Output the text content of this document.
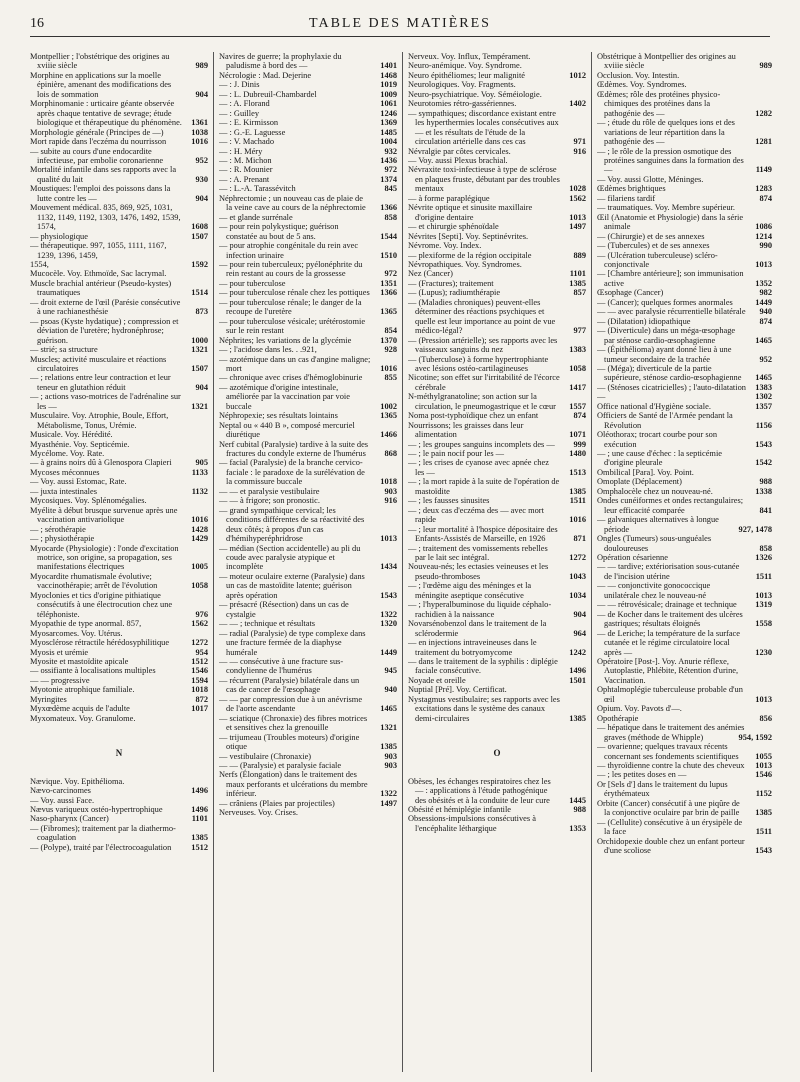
16	TABLE DES MATIÈRES

Montpellier ; l'obstétrique des origines au xviiie siècle	989

Morphine en applications sur la moelle épinière, amenant des modifications des lois de sommation	904

Morphinomanie : urticaire géante observée après chaque tentative de sevrage; étude biologique et thérapeutique du phénomène. 1361

Morphologie générale (Principes de —)	1038

Mort rapide dans l'eczéma du nourrisson	1016

— subite au cours d'une endocardite infectieuse, par embolie coronarienne	952

Mortalité infantile dans ses rapports avec la qualité du lait	930

Moustiques: l'emploi des poissons dans la lutte contre les —	904

Mouvement médical. 835, 869, 925, 1031, 1132, 1149, 1192, 1303, 1476, 1492, 1539, 1574,	1608

— physiologique	1507

— thérapeutique. 997, 1055, 1111, 1167, 1239, 1396, 1459,

1554,	1592

Mucocèle. Voy. Ethmoïde, Sac lacrymal.

Muscle brachial antérieur (Pseudo-kystes) traumatiques	1514

— droit externe de l'œil (Parésie consécutive à une rachianesthésie	873

— psoas (Kyste hydatique) ; compression et déviation de l'uretère; hydronéphrose; guérison.	1000

— strié; sa structure	1321

Muscles; activité musculaire et réactions circulatoires	1507

— ; relations entre leur contraction et leur teneur en glutathion réduit	904

— ; actions vaso-motrices de l'adrénaline sur les —	1321

Musculaire. Voy. Atrophie, Boule, Effort, Métabolisme, Tonus, Urémie.

Musicale. Voy. Hérédité.

Myasthénie. Voy. Septicémie.

Mycélome. Voy. Rate.

— à grains noirs dû à Glenospora Clapieri	905

Mycoses méconnues	1133

— Voy. aussi Estomac, Rate.

— juxta intestinales	1132

Mycosiques. Voy. Splénomégalies.

Myélite à début brusque survenue après une vaccination antivariolique	1016

— ; sérothérapie	1428

— ; physiothérapie	1429

Myocarde (Physiologie) : l'onde d'excitation motrice, son origine, sa propagation, ses manifestations électriques	1005

Myocardite rhumatismale évolutive; vaccinothérapie; arrêt de l'évolution	1058

Myoclonies et tics d'origine pithiatique consécutifs à une électrocution chez une téléphoniste.	976

Myopathie de type anormal. 857,	1562

Myosarcomes. Voy. Utérus.

Myosclérose rétractile hérédosyphilitique	1272

Myosis et urémie	954

Myosite et mastoïdite apicale	1512

— ossifiante à localisations multiples	1546

— — progressive	1594

Myotonie atrophique familiale.	1018

Myringites	872

Myxœdème acquis de l'adulte	1017

Myxomateux. Voy. Granulome.

N

Nævique. Voy. Epithélioma.

Nævo-carcinomes	1496

— Voy. aussi Face.

Nævus variqueux ostéo-hypertrophique	1496

Naso-pharynx (Cancer)	1101

— (Fibromes); traitement par la diathermo-coagulation	1385

— (Polype), traité par l'électrocoagulation 1512

Navires de guerre; la prophylaxie du paludisme à bord des —	1401

Nécrologie : Mad. Dejerine	1468

— : J. Dinis	1019

— : L. Dubreuil-Chambardel	1009

— : A. Florand	1061

— : Guilley	1246

— : E. Kirmisson	1369

— : G.-E. Laguesse	1485

— : V. Machado	1004

— : H. Méry	932

— : M. Michon	1436

— : R. Mounier	972

— : A. Prenant	1374

— : L.-A. Tarassévitch	845

Néphrectomie ; un nouveau cas de plaie de la veine cave au cours de la néphrectomie 1366

— et glande surrénale	858

— pour rein polykystique; guérison constatée au bout de 5 ans.	1544

— pour atrophie congénitale du rein avec infection urinaire	1510

— pour rein tuberculeux; pyélonéphrite du rein restant au cours de la grossesse	972

— pour tuberculose	1351

— pour tuberculose rénale chez les pottiques 1366

— pour tuberculose rénale; le danger de la recoupe de l'uretère	1365

— pour tuberculose vésicale; urétérostomie sur le rein restant	854

Néphrites; les variations de la glycémie	1370

— ; l'acidose dans les. . .921,	928

— azotémique dans un cas d'angine maligne; mort	1016

— chronique avec crises d'hémoglobinurie	855

— azotémique d'origine intestinale, améliorée par la vaccination par voie buccale	1002

Néphropexie; ses résultats lointains	1365

Neptal ou « 440 B », composé mercuriel diurétique	1466

Nerf cubital (Paralysie) tardive à la suite des fractures du condyle externe de l'humérus 868

— facial (Paralysie) de la branche cervico-faciale : le paradoxe de la surélévation de la commissure buccale	1018

— — et paralysie vestibulaire	903

— — à frigore; son pronostic.	916

— grand sympathique cervical; les conditions différentes de sa réactivité des deux côtés; à propos d'un cas d'hémihyperéphridrose	1013

— médian (Section accidentelle) au pli du coude avec paralysie atypique et incomplète	1434

— moteur oculaire externe (Paralysie) dans un cas de mastoïdite latente; guérison après opération	1543

— présacré (Résection) dans un cas de cystalgie	1322

— — ; technique et résultats	1320

— radial (Paralysie) de type complexe dans une fracture fermée de la diaphyse humérale	1449

— — consécutive à une fracture sus-condylienne de l'humérus	945

— récurrent (Paralysie) bilatérale dans un cas de cancer de l'œsophage	940

— — par compression due à un anévrisme de l'aorte ascendante	1465

— sciatique (Chronaxie) des fibres motrices et sensitives chez la grenouille	1321

— trijumeau (Troubles moteurs) d'origine otique	1385

— vestibulaire (Chronaxie)	903

— — (Paralysie) et paralysie faciale	903

Nerfs (Élongation) dans le traitement des maux perforants et ulcérations du membre inférieur.	1322

— crâniens (Plaies par projectiles)	1497

Nerveuses. Voy. Crises.

Nerveux. Voy. Influx, Tempérament.

Neuro-anémique. Voy. Syndrome.

Neuro épithéliomes; leur malignité	1012

Neurologiques. Voy. Fragments.

Neuro-psychiatrique. Voy. Séméiologie.

Neurotomies rétro-gassériennes.	1402

— sympathiques; discordance existant entre les hyperthermies locales consécutives aux — et les résultats de l'étude de la circulation artérielle dans ces cas	971

Névralgie par côtes cervicales.	916

— Voy. aussi Plexus brachial.

Névraxite toxi-infectieuse à type de sclérose en plaques fruste, débutant par des troubles mentaux	1028

— à forme paraplégique	1562

Névrite optique et sinusite maxillaire d'origine dentaire	1013

— et chirurgie sphénoïdale	1497

Névrites [Septi]. Voy. Septinévrites.

Névrome. Voy. Index.

— plexiforme de la région occipitale	889

Névropathiques. Voy. Syndromes.

Nez (Cancer)	1101

— (Fractures); traitement	1385

— (Lupus); radiumthérapie	857

— (Maladies chroniques) peuvent-elles déterminer des réactions psychiques et quelle est leur importance au point de vue médico-légal?	977

— (Pression artérielle); ses rapports avec les vaisseaux sanguins du nez	1383

— (Tuberculose) à forme hypertrophiante avec lésions ostéo-cartilagineuses	1058

Nicotine; son effet sur l'irritabilité de l'écorce cérébrale	1417

N-méthylgranatoline; son action sur la circulation, le pneumogastrique et le cœur 1557

Noma post-typhoïdique chez un enfant	874

Nourrissons; les graisses dans leur alimentation	1071

— ; les groupes sanguins incomplets des — 999

— ; le pain nocif pour les —	1480

— ; les crises de cyanose avec apnée chez les —	1513

— ; la mort rapide à la suite de l'opération de mastoïdite	1385

— ; les fausses sinusites	1511

— ; deux cas d'eczéma des — avec mort rapide	1016

— ; leur mortalité à l'hospice dépositaire des Enfants-Assistés de Marseille, en 1926	871

— ; traitement des vomissements rebelles par le lait sec intégral.	1272

Nouveau-nés; les ectasies veineuses et les pseudo-thromboses	1043

— ; l'œdème aigu des méninges et la méningite aseptique consécutive	1034

— ; l'hyperalbuminose du liquide céphalo-rachidien à la naissance	904

Novarsénobenzol dans le traitement de la sclérodermie	964

— en injections intraveineuses dans le traitement du botryomycome	1242

— dans le traitement de la syphilis : diplégie faciale consécutive.	1496

Noyade et oreille	1501

Nuptial [Pré]. Voy. Certificat.

Nystagmus vestibulaire; ses rapports avec les excitations dans le système des canaux demi-circulaires	1385

O

Obèses, les échanges respiratoires chez les — : applications à l'étude pathogénique des obésités et à la conduite de leur cure 1445

Obésité et hémiplégie infantile	988

Obsessions-impulsions consécutives à l'encéphalite léthargique	1353

Obstétrique à Montpellier des origines au xviiie siècle	989

Occlusion. Voy. Intestin.

Œdèmes. Voy. Syndromes.

Œdèmes; rôle des protéines physico-chimiques des protéines dans la pathogénie des —	1282

— ; étude du rôle de quelques ions et des variations de leur répartition dans la pathogénie des —	1281

— ; le rôle de la pression osmotique des protéines sanguines dans la formation des —	1149

— Voy. aussi Glotte, Méninges.

Œdèmes brightiques	1283

— filariens tardif	874

— traumatiques. Voy. Membre supérieur.

Œil (Anatomie et Physiologie) dans la série animale	1086

— (Chirurgie) et de ses annexes	1214

— (Tubercules) et de ses annexes	990

— (Ulcération tuberculeuse) scléro-conjonctivale	1013

— [Chambre antérieure]; son immunisation active	1352

Œsophage (Cancer)	982

— (Cancer); quelques formes anormales	1449

— — avec paralysie récurrentielle bilatérale 940

— (Dilatation) idiopathique	874

— (Diverticule) dans un méga-œsophage par sténose cardio-œsophagienne	1465

— (Épithélioma) ayant donné lieu à une tumeur secondaire de la trachée	952

— (Méga); diverticule de la partie supérieure, sténose cardio-œsophagienne 1465

— (Sténoses cicatricielles) ; l'auto-dilatation 1383

—	1302

Office national d'Hygiène sociale.	1357

Officiers de Santé de l'Armée pendant la Révolution	1156

Oléothorax; trocart courbe pour son exécution	1543

— ; une cause d'échec : la septicémie d'origine pleurale	1542

Ombilical [Para]. Voy. Point.

Omoplate (Déplacement)	988

Omphalocèle chez un nouveau-né.	1338

Ondes cunéiformes et ondes rectangulaires; leur efficacité comparée	841

— galvaniques alternatives à longue période	927, 1478

Ongles (Tumeurs) sous-unguéales douloureuses	858

Opération césarienne	1326

— — tardive; extériorisation sous-cutanée de l'incision utérine	1511

— — conjonctivite gonococcique unilatérale chez le nouveau-né	1013

— — rétrovésicale; drainage et technique 1319

— de Kocher dans le traitement des ulcères gastriques; résultats éloignés	1558

— de Leriche; la température de la surface cutanée et le régime circulatoire local après —	1230

Opératoire [Post-]. Voy. Anurie réflexe, Autoplastie, Phlébite, Rétention d'urine, Vaccination.

Ophtalmoplégie tuberculeuse probable d'un œil	1013

Opium. Voy. Pavots d'—.

Opothérapie	856

— hépatique dans le traitement des anémies graves (méthode de Whipple)	954, 1592

— ovarienne; quelques travaux récents concernant ses fondements scientifiques 1055

— thyroïdienne contre la chute des cheveux 1013

— ; les petites doses en —	1546

Or [Sels d'] dans le traitement du lupus érythémateux	1152

Orbite (Cancer) consécutif à une piqûre de la conjonctive oculaire par brin de paille 1385

— (Cellulite) consécutive à un érysipèle de la face	1511

Orchidopexie double chez un enfant porteur d'une scoliose	1543
